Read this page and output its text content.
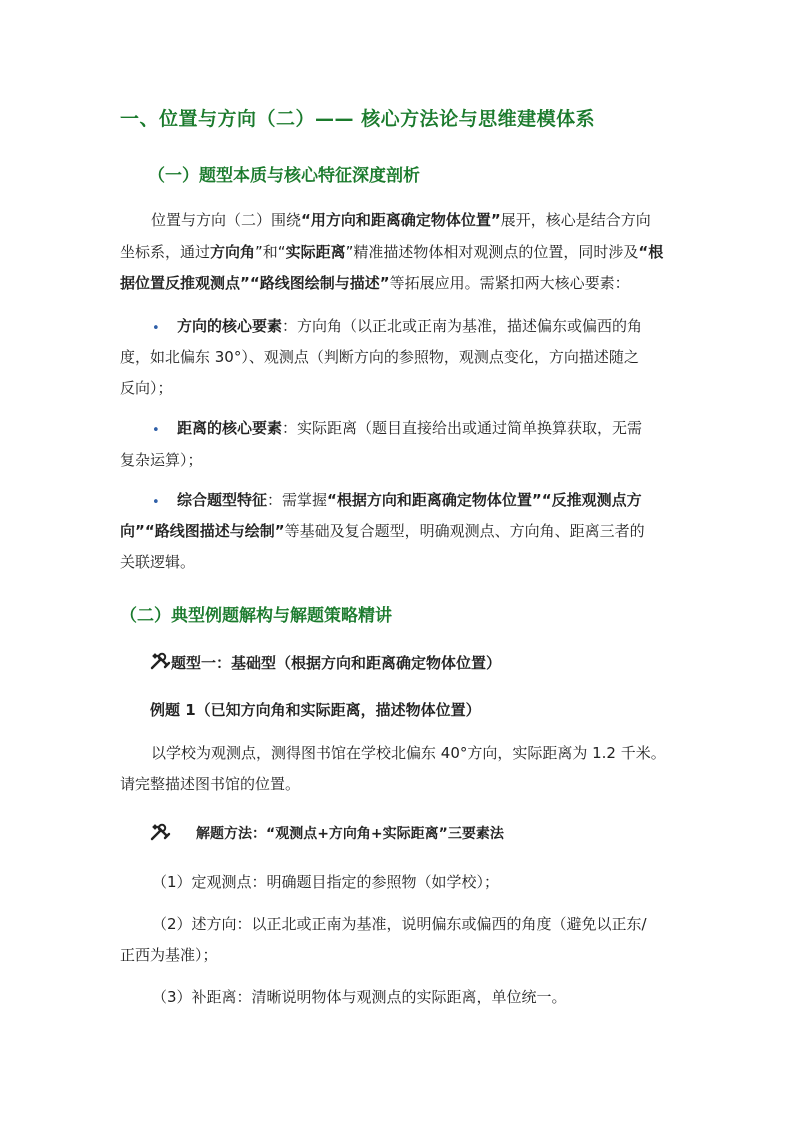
一、位置与方向（二）—— 核心方法论与思维建模体系
（一）题型本质与核心特征深度剖析
位置与方向（二）围绕“用方向和距离确定物体位置”展开，核心是结合方向
坐标系，通过方向角”和“实际距离”精准描述物体相对观测点的位置，同时涉及“根
据位置反推观测点”“路线图绘制与描述”等拓展应用。需紧扣两大核心要素：
• 方向的核心要素：方向角（以正北或正南为基准，描述偏东或偏西的角
度，如北偏东 30°）、观测点（判断方向的参照物，观测点变化，方向描述随之
反向）；
• 距离的核心要素：实际距离（题目直接给出或通过简单换算获取，无需
复杂运算）；
• 综合题型特征：需掌握“根据方向和距离确定物体位置”“反推观测点方
向”“路线图描述与绘制”等基础及复合题型，明确观测点、方向角、距离三者的
关联逻辑。
（二）典型例题解构与解题策略精讲
题型一：基础型（根据方向和距离确定物体位置）
例题 1（已知方向角和实际距离，描述物体位置）
以学校为观测点，测得图书馆在学校北偏东 40°方向，实际距离为 1.2 千米。
请完整描述图书馆的位置。
解题方法：“观测点+方向角+实际距离”三要素法
（1）定观测点：明确题目指定的参照物（如学校）；
（2）述方向：以正北或正南为基准，说明偏东或偏西的角度（避免以正东/
正西为基准）；
（3）补距离：清晰说明物体与观测点的实际距离，单位统一。
